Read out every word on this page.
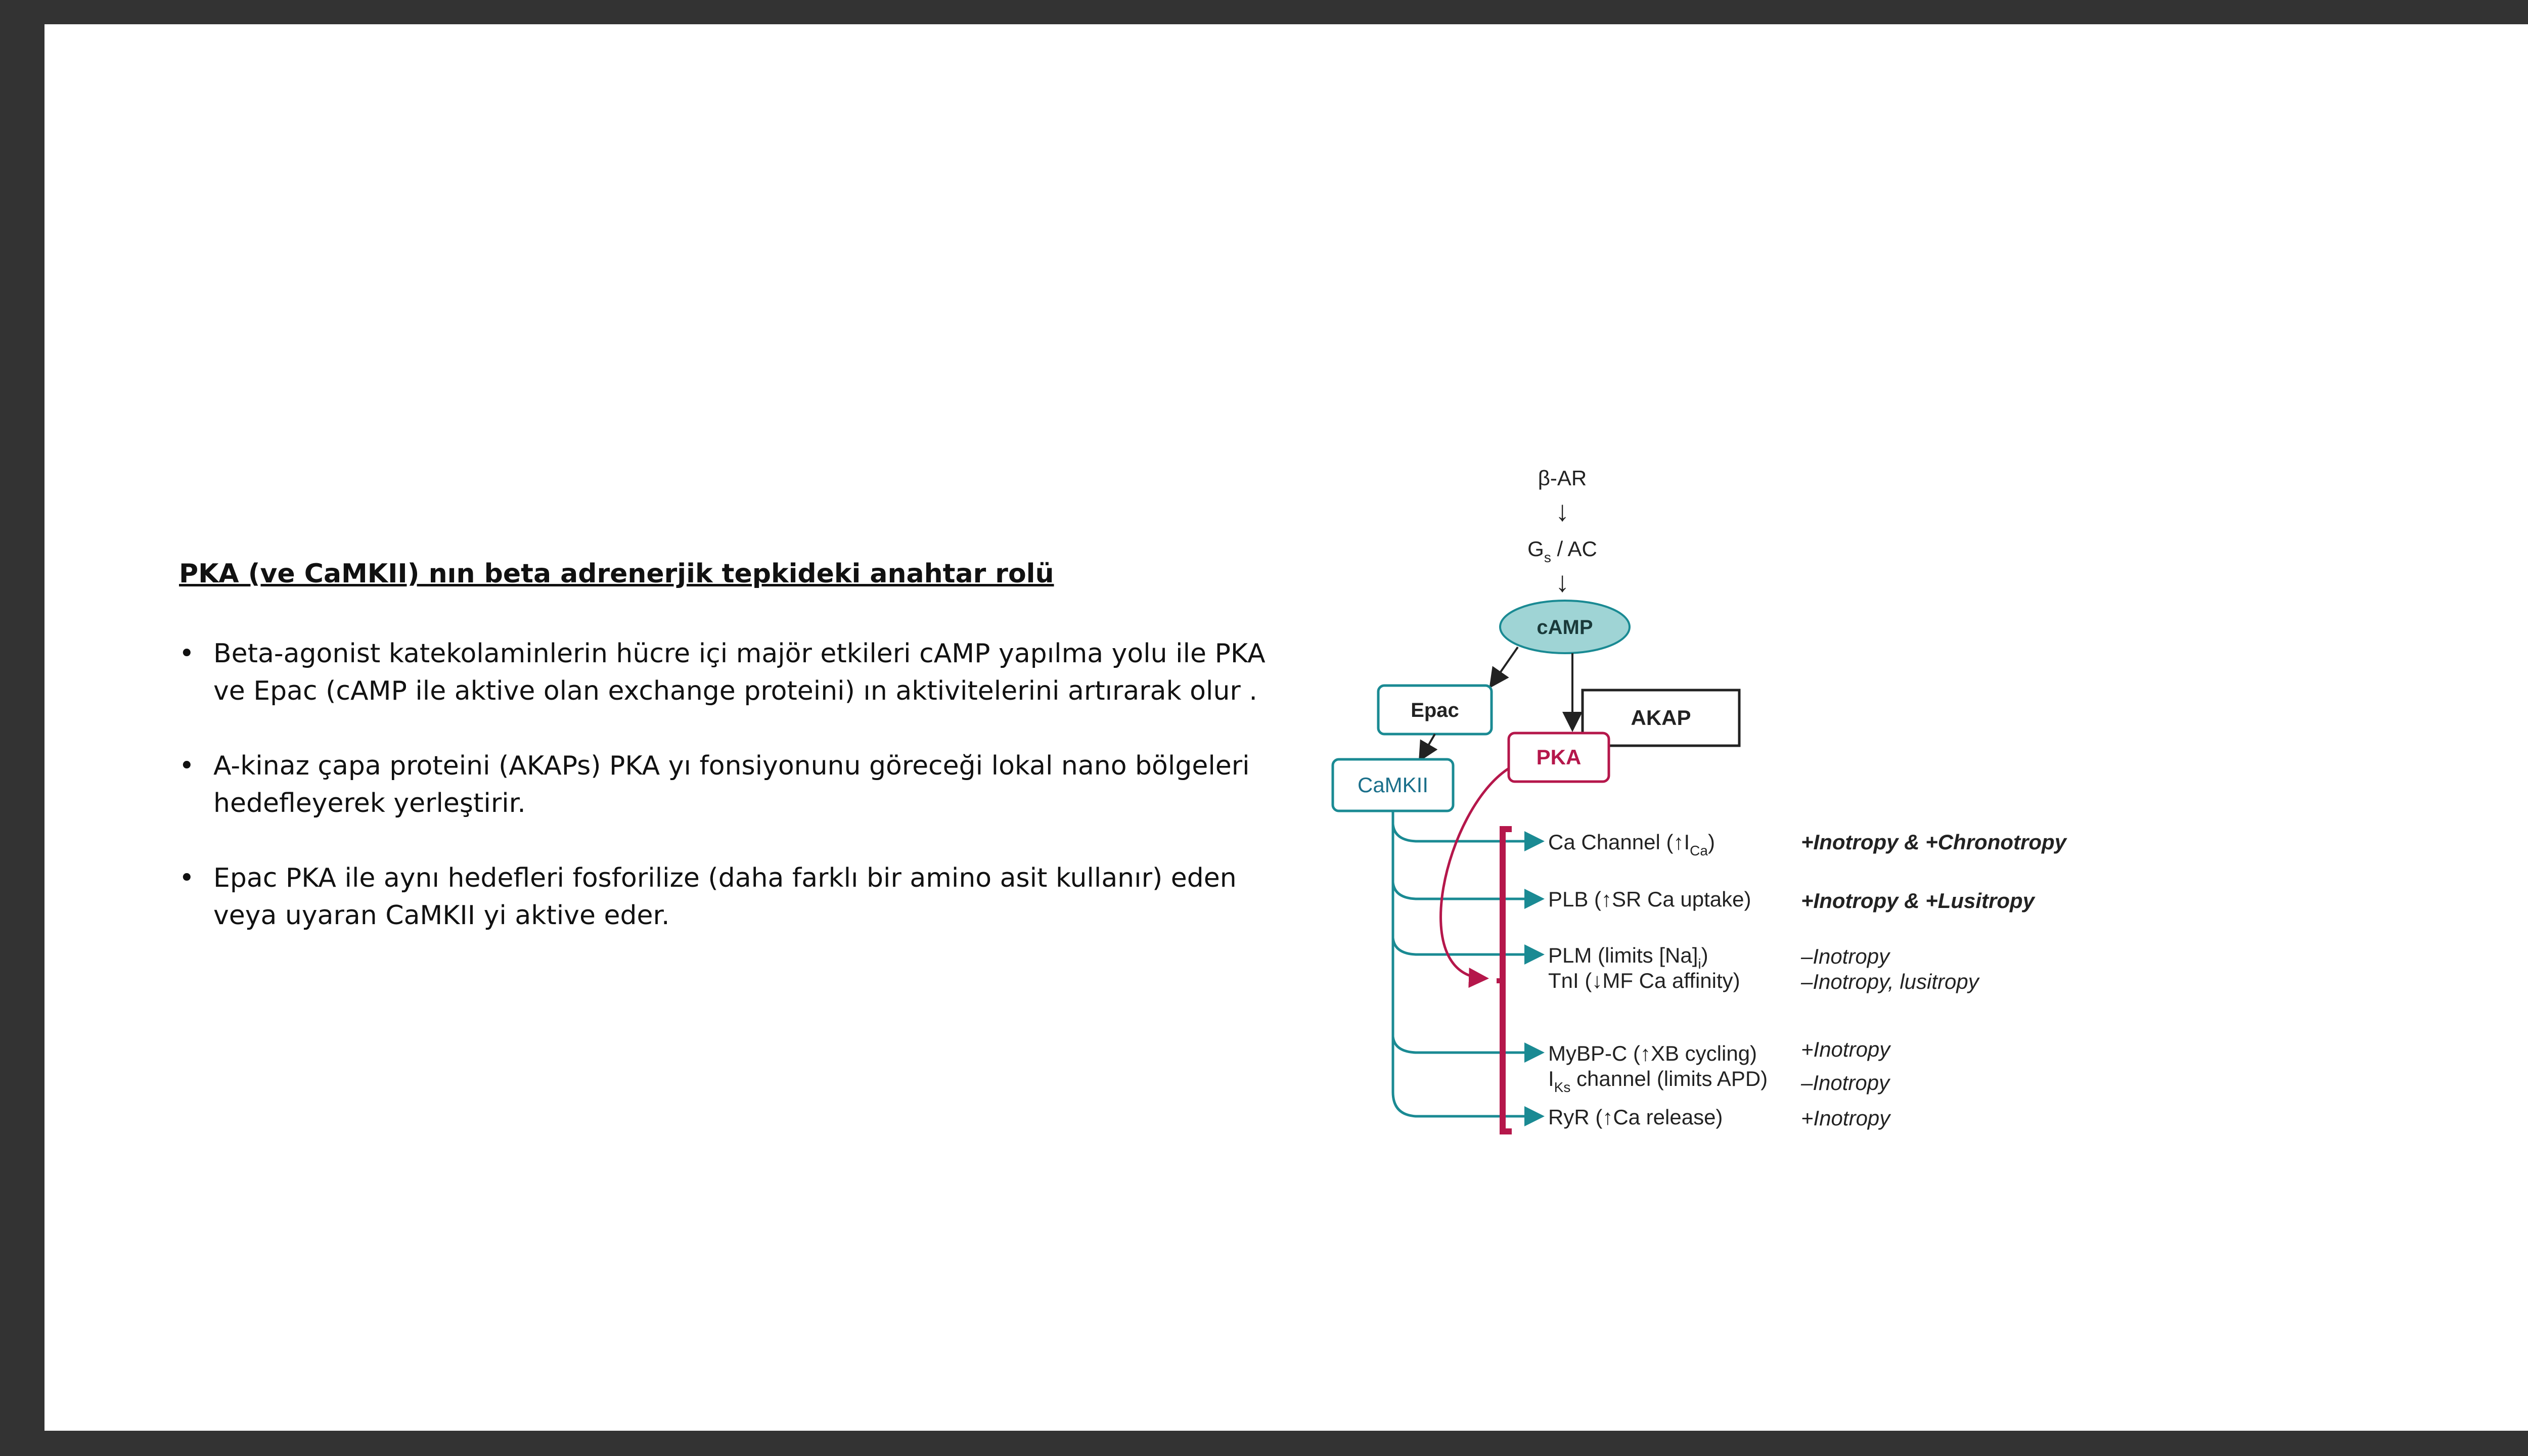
PKA (ve CaMKII) nın beta adrenerjik tepkideki anahtar rolü
• Beta-agonist katekolaminlerin hücre içi majör etkileri cAMP yapılma yolu ile PKA ve Epac (cAMP ile aktive olan exchange proteini) ın aktivitelerini artırarak olur .
• A-kinaz çapa proteini (AKAPs) PKA yı fonsiyonunu göreceği lokal nano bölgeleri hedefleyerek yerleştirir.
• Epac PKA ile aynı hedefleri fosforilize (daha farklı bir amino asit kullanır) eden veya uyaran CaMKII yi aktive eder.
β-AR
↓
$G_s$ / AC
↓
cAMP
Epac	AKAP
PKA
CaMKII
Ca Channel $(↑I_{Ca})$
PLB (↑SR Ca uptake)
PLM (limits $[Na]_i$)
TnI (↓MF Ca affinity)
MyBP-C (↑XB cycling)
$I_{Ks}$ channel (limits APD)
RyR (↑Ca release)
+Inotropy & +Chronotropy
+Inotropy & +Lusitropy
–Inotropy
–Inotropy, lusitropy
+Inotropy
–Inotropy
+Inotropy
